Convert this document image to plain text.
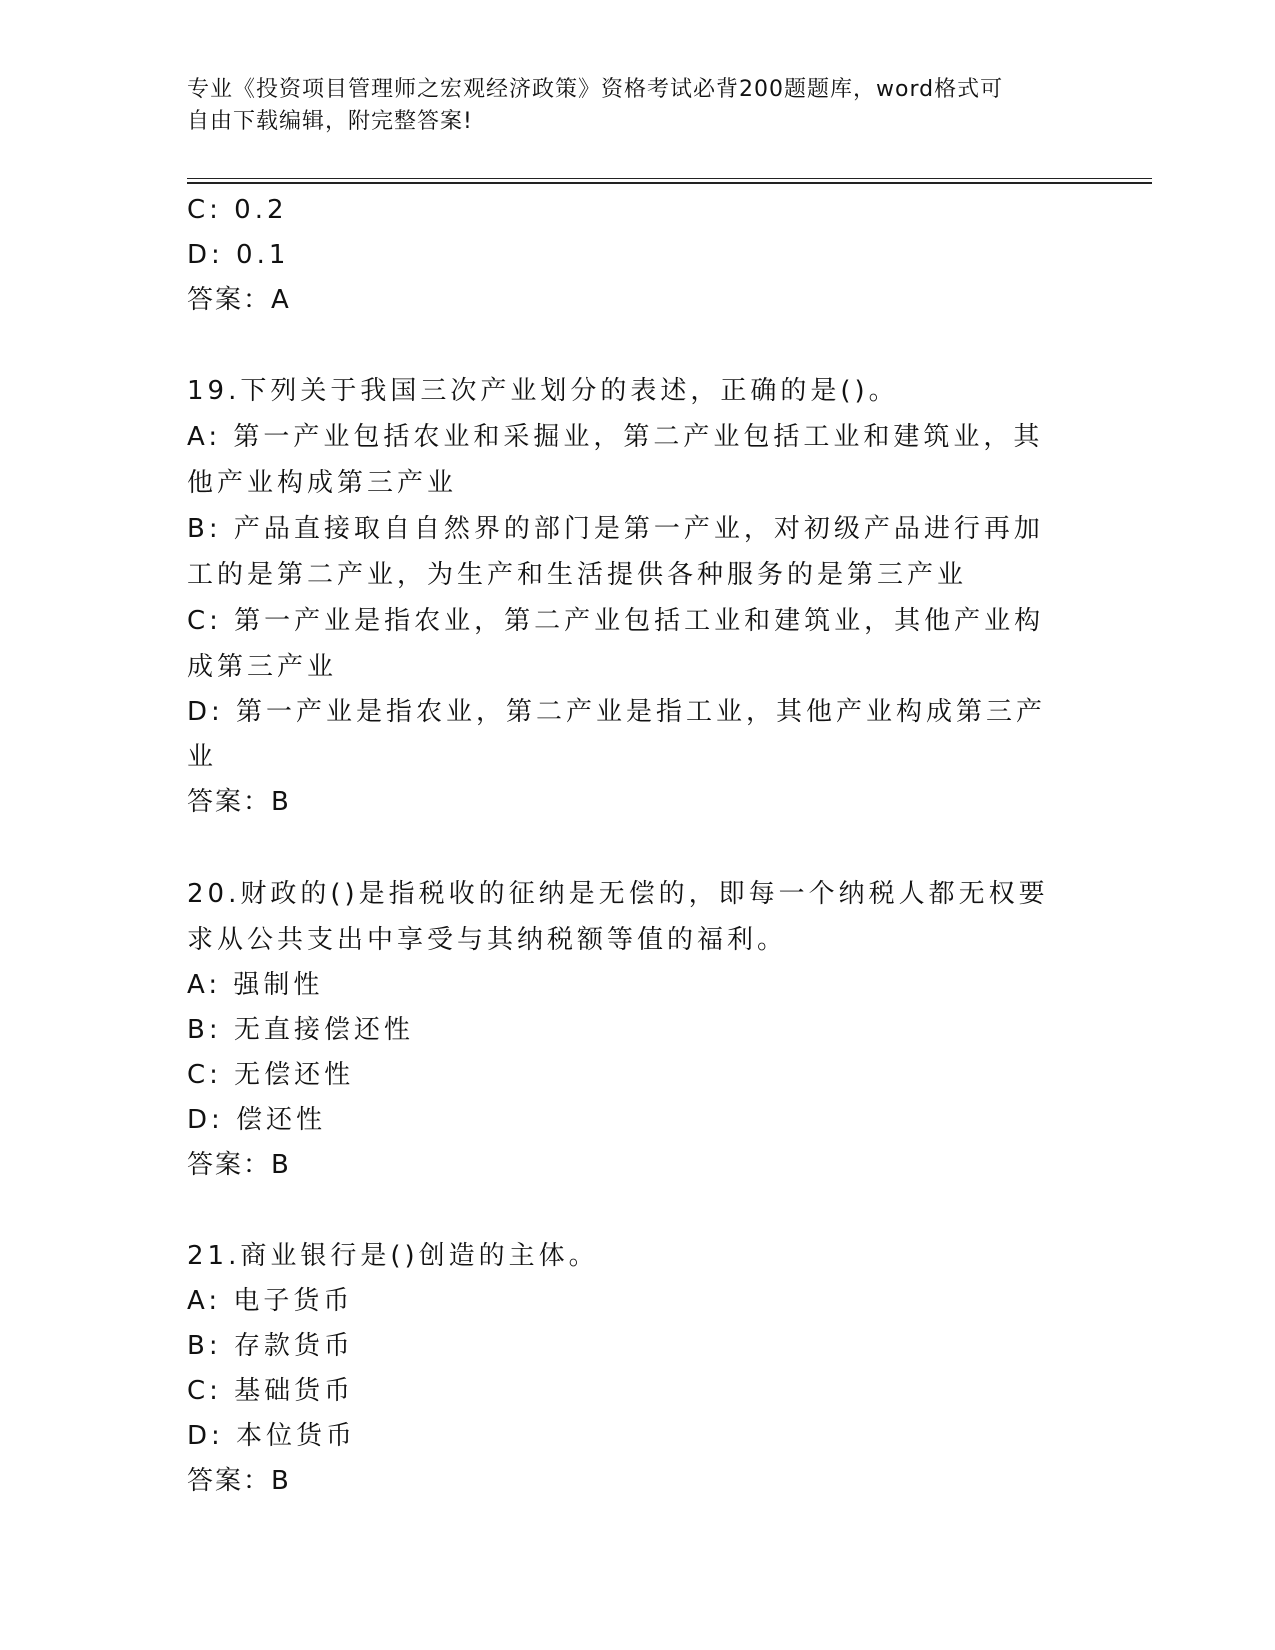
专业《投资项目管理师之宏观经济政策》资格考试必背200题题库，word格式可
自由下载编辑，附完整答案!

C: 0.2

D: 0.1

答案：A

19.下列关于我国三次产业划分的表述，正确的是()。

A: 第一产业包括农业和采掘业，第二产业包括工业和建筑业，其他产业构成第三产业

B: 产品直接取自自然界的部门是第一产业，对初级产品进行再加工的是第二产业，为生产和生活提供各种服务的是第三产业

C: 第一产业是指农业，第二产业包括工业和建筑业，其他产业构成第三产业

D: 第一产业是指农业，第二产业是指工业，其他产业构成第三产业

答案：B

20.财政的()是指税收的征纳是无偿的，即每一个纳税人都无权要求从公共支出中享受与其纳税额等值的福利。

A: 强制性

B: 无直接偿还性

C: 无偿还性

D: 偿还性

答案：B

21.商业银行是()创造的主体。

A: 电子货币

B: 存款货币

C: 基础货币

D: 本位货币

答案：B
